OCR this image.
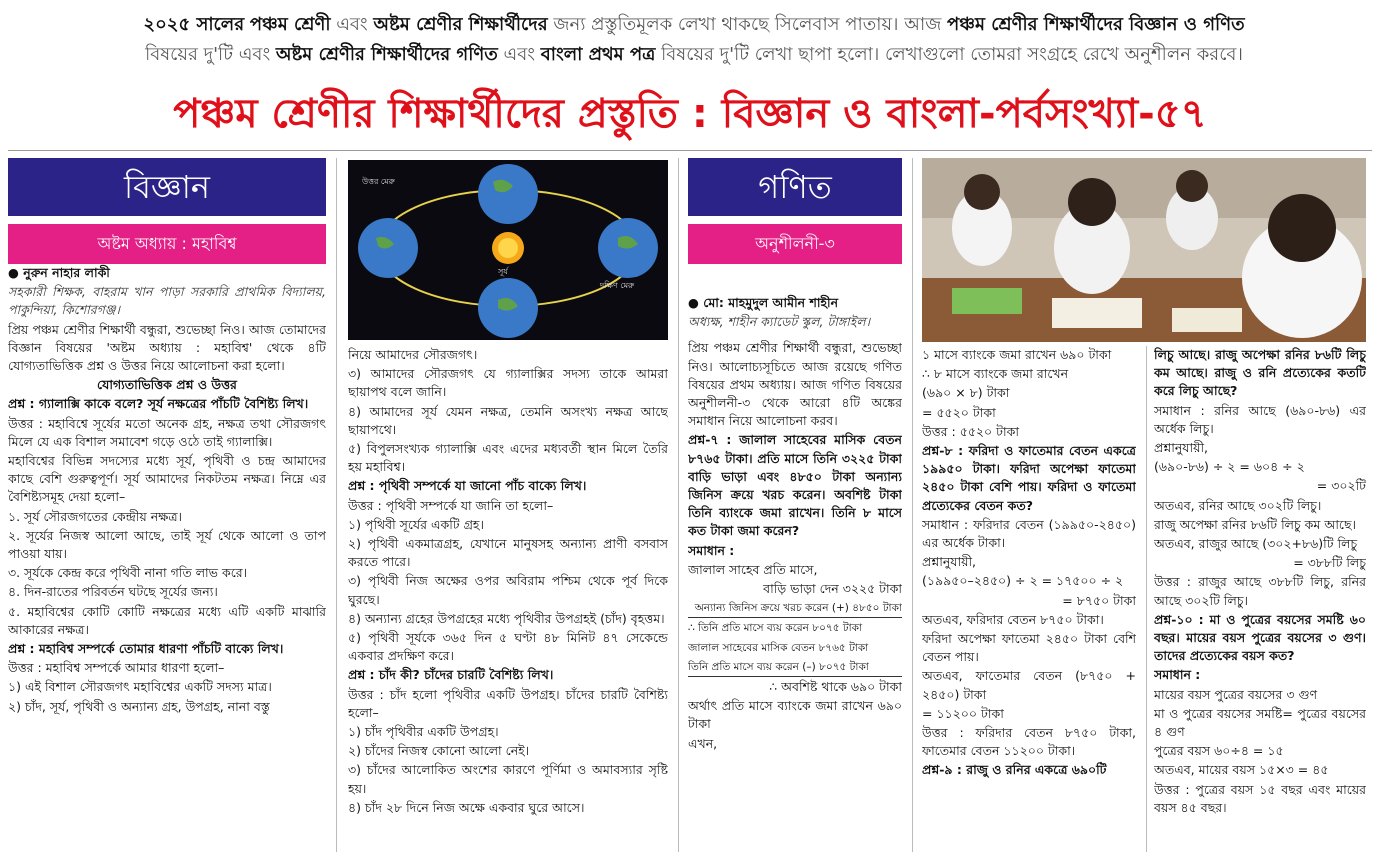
২০২৫ সালের পঞ্চম শ্রেণী এবং অষ্টম শ্রেণীর শিক্ষার্থীদের জন্য প্রস্তুতিমূলক লেখা থাকছে সিলেবাস পাতায়। আজ পঞ্চম শ্রেণীর শিক্ষার্থীদের বিজ্ঞান ও গণিত
বিষয়ের দু'টি এবং অষ্টম শ্রেণীর শিক্ষার্থীদের গণিত এবং বাংলা প্রথম পত্র বিষয়ের দু'টি লেখা ছাপা হলো। লেখাগুলো তোমরা সংগ্রহে রেখে অনুশীলন করবে।
পঞ্চম শ্রেণীর শিক্ষার্থীদের প্রস্তুতি : বিজ্ঞান ও বাংলা-পর্বসংখ্যা-৫৭
বিজ্ঞান
অষ্টম অধ্যায় : মহাবিশ্ব

● নুরুন নাহার লাকী

সহকারী শিক্ষক, বাহরাম খান পাড়া সরকারি প্রাথমিক বিদ্যালয়, পাকুন্দিয়া, কিশোরগঞ্জ।

প্রিয় পঞ্চম শ্রেণীর শিক্ষার্থী বন্ধুরা, শুভেচ্ছা নিও। আজ তোমাদের বিজ্ঞান বিষয়ের 'অষ্টম অধ্যায় : মহাবিশ্ব' থেকে ৪টি যোগ্যতাভিত্তিক প্রশ্ন ও উত্তর নিয়ে আলোচনা করা হলো।

যোগ্যতাভিত্তিক প্রশ্ন ও উত্তর

প্রশ্ন : গ্যালাক্সি কাকে বলে? সূর্য নক্ষত্রের পাঁচটি বৈশিষ্ট্য লিখ।

উত্তর : মহাবিশ্বে সূর্যের মতো অনেক গ্রহ, নক্ষত্র তথা সৌরজগৎ মিলে যে এক বিশাল সমাবেশ গড়ে ওঠে তাই গ্যালাক্সি।

মহাবিশ্বের বিভিন্ন সদস্যের মধ্যে সূর্য, পৃথিবী ও চন্দ্র আমাদের কাছে বেশি গুরুত্বপূর্ণ। সূর্য আমাদের নিকটতম নক্ষত্র। নিম্নে এর বৈশিষ্ট্যসমূহ দেয়া হলো–

১. সূর্য সৌরজগতের কেন্দ্রীয় নক্ষত্র।

২. সূর্যের নিজস্ব আলো আছে, তাই সূর্য থেকে আলো ও তাপ পাওয়া যায়।

৩. সূর্যকে কেন্দ্র করে পৃথিবী নানা গতি লাভ করে।

৪. দিন-রাতের পরিবর্তন ঘটছে সূর্যের জন্য।

৫. মহাবিশ্বের কোটি কোটি নক্ষত্রের মধ্যে এটি একটি মাঝারি আকারের নক্ষত্র।

প্রশ্ন : মহাবিশ্ব সম্পর্কে তোমার ধারণা পাঁচটি বাক্যে লিখ।

উত্তর : মহাবিশ্ব সম্পর্কে আমার ধারণা হলো–

১) এই বিশাল সৌরজগৎ মহাবিশ্বের একটি সদস্য মাত্র।

২) চাঁদ, সূর্য, পৃথিবী ও অন্যান্য গ্রহ, উপগ্রহ, নানা বস্তু

উত্তর মেরু
দক্ষিণ মেরু
সূর্য

নিয়ে আমাদের সৌরজগৎ।

৩) আমাদের সৌরজগৎ যে গ্যালাক্সির সদস্য তাকে আমরা ছায়াপথ বলে জানি।

৪) আমাদের সূর্য যেমন নক্ষত্র, তেমনি অসংখ্য নক্ষত্র আছে ছায়াপথে।

৫) বিপুলসংখ্যক গ্যালাক্সি এবং এদের মধ্যবর্তী স্থান মিলে তৈরি হয় মহাবিশ্ব।

প্রশ্ন : পৃথিবী সম্পর্কে যা জানো পাঁচ বাক্যে লিখ।

উত্তর : পৃথিবী সম্পর্কে যা জানি তা হলো–

১) পৃথিবী সূর্যের একটি গ্রহ।

২) পৃথিবী একমাত্রগ্রহ, যেখানে মানুষসহ অন্যান্য প্রাণী বসবাস করতে পারে।

৩) পৃথিবী নিজ অক্ষের ওপর অবিরাম পশ্চিম থেকে পূর্ব দিকে ঘুরছে।

৪) অন্যান্য গ্রহের উপগ্রহের মধ্যে পৃথিবীর উপগ্রহই (চাঁদ) বৃহত্তম।

৫) পৃথিবী সূর্যকে ৩৬৫ দিন ৫ ঘণ্টা ৪৮ মিনিট ৪৭ সেকেন্ডে একবার প্রদক্ষিণ করে।

প্রশ্ন : চাঁদ কী? চাঁদের চারটি বৈশিষ্ট্য লিখ।

উত্তর : চাঁদ হলো পৃথিবীর একটি উপগ্রহ। চাঁদের চারটি বৈশিষ্ট্য হলো–

১) চাঁদ পৃথিবীর একটি উপগ্রহ।

২) চাঁদের নিজস্ব কোনো আলো নেই।

৩) চাঁদের আলোকিত অংশের কারণে পূর্ণিমা ও অমাবস্যার সৃষ্টি হয়।

৪) চাঁদ ২৮ দিনে নিজ অক্ষে একবার ঘুরে আসে।

গণিত
অনুশীলনী-৩

● মো: মাহমুদুল আমীন শাহীন

অধ্যক্ষ, শাহীন ক্যাডেট স্কুল, টাঙ্গাইল।

প্রিয় পঞ্চম শ্রেণীর শিক্ষার্থী বন্ধুরা, শুভেচ্ছা নিও। আলোচ্যসূচিতে আজ রয়েছে গণিত বিষয়ের প্রথম অধ্যায়। আজ গণিত বিষয়ের অনুশীলনী-৩ থেকে আরো ৪টি অঙ্কের সমাধান নিয়ে আলোচনা করব।

প্রশ্ন-৭ : জালাল সাহেবের মাসিক বেতন ৮৭৬৫ টাকা। প্রতি মাসে তিনি ৩২২৫ টাকা বাড়ি ভাড়া এবং ৪৮৫০ টাকা অন্যান্য জিনিস ক্রয়ে খরচ করেন। অবশিষ্ট টাকা তিনি ব্যাংকে জমা রাখেন। তিনি ৮ মাসে কত টাকা জমা করেন?

সমাধান :

জালাল সাহেব প্রতি মাসে,

বাড়ি ভাড়া দেন ৩২২৫ টাকা

অন্যান্য জিনিস ক্রয়ে খরচ করেন (+) ৪৮৫০ টাকা

∴ তিনি প্রতি মাসে ব্যয় করেন ৮০৭৫ টাকা

জালাল সাহেবের মাসিক বেতন ৮৭৬৫ টাকা

তিনি প্রতি মাসে ব্যয় করেন (–) ৮০৭৫ টাকা

∴ অবশিষ্ট থাকে ৬৯০ টাকা

অর্থাৎ প্রতি মাসে ব্যাংকে জমা রাখেন ৬৯০ টাকা

এখন,

১ মাসে ব্যাংকে জমা রাখেন ৬৯০ টাকা

∴ ৮ মাসে ব্যাংকে জমা রাখেন

(৬৯০ × ৮) টাকা

= ৫৫২০ টাকা

উত্তর : ৫৫২০ টাকা

প্রশ্ন-৮ : ফরিদা ও ফাতেমার বেতন একত্রে ১৯৯৫০ টাকা। ফরিদা অপেক্ষা ফাতেমা ২৪৫০ টাকা বেশি পায়। ফরিদা ও ফাতেমা প্রত্যেকের বেতন কত?

সমাধান : ফরিদার বেতন (১৯৯৫০-২৪৫০) এর অর্ধেক টাকা।

প্রশ্নানুযায়ী,

(১৯৯৫০–২৪৫০) ÷ ২ = ১৭৫০০ ÷ ২

= ৮৭৫০ টাকা

অতএব, ফরিদার বেতন ৮৭৫০ টাকা।

ফরিদা অপেক্ষা ফাতেমা ২৪৫০ টাকা বেশি বেতন পায়।

অতএব, ফাতেমার বেতন (৮৭৫০ + ২৪৫০) টাকা

= ১১২০০ টাকা

উত্তর : ফরিদার বেতন ৮৭৫০ টাকা, ফাতেমার বেতন ১১২০০ টাকা।

প্রশ্ন-৯ : রাজু ও রনির একত্রে ৬৯০টি

লিচু আছে। রাজু অপেক্ষা রনির ৮৬টি লিচু কম আছে। রাজু ও রনি প্রত্যেকের কতটি করে লিচু আছে?

সমাধান : রনির আছে (৬৯০-৮৬) এর অর্ধেক লিচু।

প্রশ্নানুযায়ী,

(৬৯০-৮৬) ÷ ২ = ৬০৪ ÷ ২

= ৩০২টি

অতএব, রনির আছে ৩০২টি লিচু।

রাজু অপেক্ষা রনির ৮৬টি লিচু কম আছে।

অতএব, রাজুর আছে (৩০২+৮৬)টি লিচু

= ৩৮৮টি লিচু

উত্তর : রাজুর আছে ৩৮৮টি লিচু, রনির আছে ৩০২টি লিচু।

প্রশ্ন-১০ : মা ও পুত্রের বয়সের সমষ্টি ৬০ বছর। মায়ের বয়স পুত্রের বয়সের ৩ গুণ। তাদের প্রত্যেকের বয়স কত?

সমাধান :

মায়ের বয়স পুত্রের বয়সের ৩ গুণ

মা ও পুত্রের বয়সের সমষ্টি= পুত্রের বয়সের ৪ গুণ

পুত্রের বয়স ৬০÷৪ = ১৫

অতএব, মায়ের বয়স ১৫×৩ = ৪৫

উত্তর : পুত্রের বয়স ১৫ বছর এবং মায়ের বয়স ৪৫ বছর।
